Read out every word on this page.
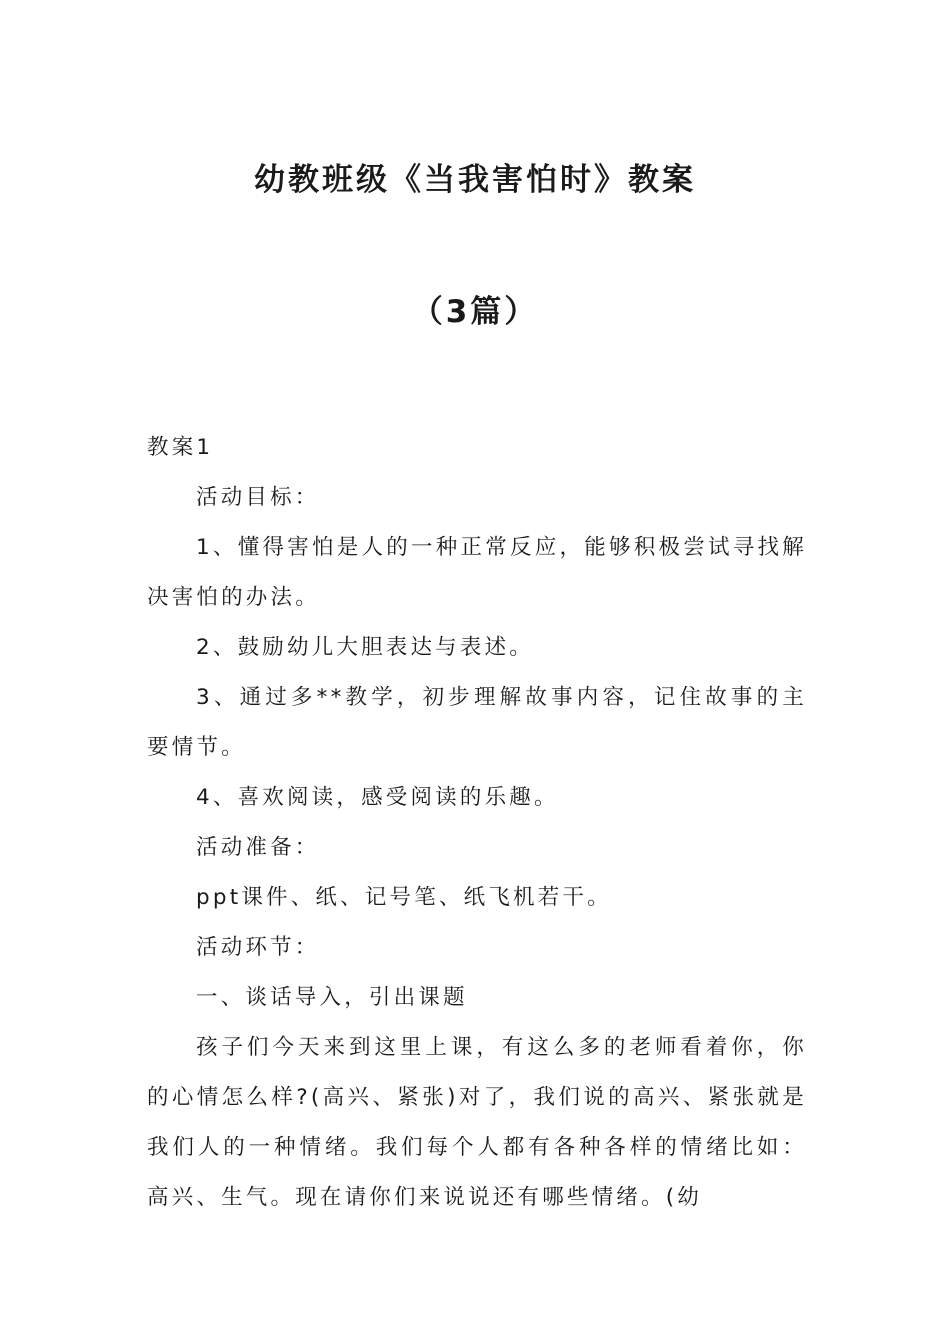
幼教班级《当我害怕时》教案
（3篇）

教案1

活动目标：

1、懂得害怕是人的一种正常反应，能够积极尝试寻找解决害怕的办法。

2、鼓励幼儿大胆表达与表述。

3、通过多**教学，初步理解故事内容，记住故事的主要情节。

4、喜欢阅读，感受阅读的乐趣。

活动准备：

ppt课件、纸、记号笔、纸飞机若干。

活动环节：

一、谈话导入，引出课题

孩子们今天来到这里上课，有这么多的老师看着你，你的心情怎么样?(高兴、紧张)对了，我们说的高兴、紧张就是我们人的一种情绪。我们每个人都有各种各样的情绪比如：高兴、生气。现在请你们来说说还有哪些情绪。(幼
